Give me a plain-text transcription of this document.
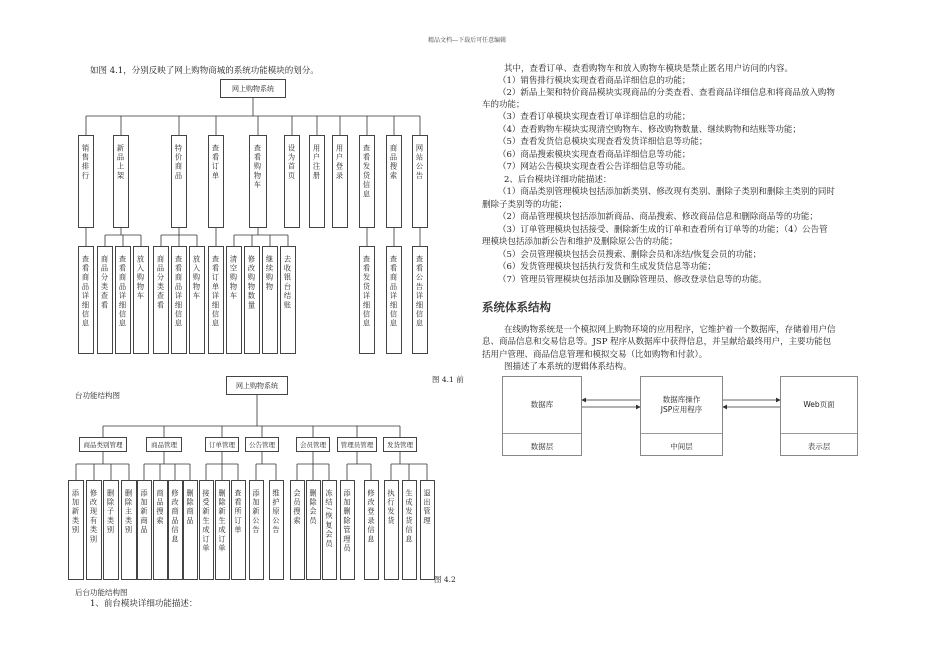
精品文档---下载后可任意编辑
如图 4.1，分别反映了网上购物商城的系统功能模块的划分。
网上购物系统
销售排行	新品上架	特价商品	查看订单	查看购物车	设为首页	用户注册	用户登录	查看发货信息	商品搜索	网站公告
查看商品详细信息	商品分类查看	查看商品详细信息	放入购物车	商品分类查看	查看商品详细信息	放入购物车	查看订单详细信息	清空购物车	修改购物数量	继续购物	去收银台结账	查看发货详细信息	查看商品详细信息	查看公告详细信息
图 4.1 前
台功能结构图
网上购物系统
商品类别管理	商品管理	订单管理	公告管理	会员管理	管理员管理	发货管理
添加新类别	修改现有类别	删除子类别	删除主类别 添加新商品 商品搜索 修改商品信息 删除商品 接受新生成订单 删除新生成订单 查看所订单	添加新公告	维护原公告	会员搜索 删除会员 冻结/恢复会员	添加删除管理员	修改登录信息	执行发货	生成发货信息	退出管理
图 4.2
后台功能结构图
1、前台模块详细功能描述：
其中，查看订单、查看购物车和放入购物车模块是禁止匿名用户访问的内容。
（1）销售排行模块实现查看商品详细信息的功能；
（2）新品上架和特价商品模块实现商品的分类查看、查看商品详细信息和将商品放入购物
车的功能；
（3）查看订单模块实现查看订单详细信息的功能；
（4）查看购物车模块实现清空购物车、修改购物数量、继续购物和结账等功能；
（5）查看发货信息模块实现查看发货详细信息等功能；
（6）商品搜索模块实现查看商品详细信息等功能；
（7）网站公告模块实现查看公告详细信息等功能。
2、后台模块详细功能描述：
（1）商品类别管理模块包括添加新类别、修改现有类别、删除子类别和删除主类别的同时
删除子类别等的功能；
（2）商品管理模块包括添加新商品、商品搜索、修改商品信息和删除商品等的功能；
（3）订单管理模块包括接受、删除新生成的订单和查看所有订单等的功能；（4）公告管
理模块包括添加新公告和维护及删除原公告的功能；
（5）会员管理模块包括会员搜索、删除会员和冻结/恢复会员的功能；
（6）发货管理模块包括执行发货和生成发货信息等功能；
（7）管理员管理模块包括添加及删除管理员、修改登录信息等的功能。
系统体系结构
在线购物系统是一个模拟网上购物环境的应用程序，它维护着一个数据库，存储着用户信
息、商品信息和交易信息等。JSP 程序从数据库中获得信息，并呈献给最终用户，主要功能包
括用户管理、商品信息管理和模拟交易（比如购物和付款）。
图描述了本系统的逻辑体系结构。
数据库
数据层
数据库操作
JSP应用程序
中间层
Web页面
表示层
